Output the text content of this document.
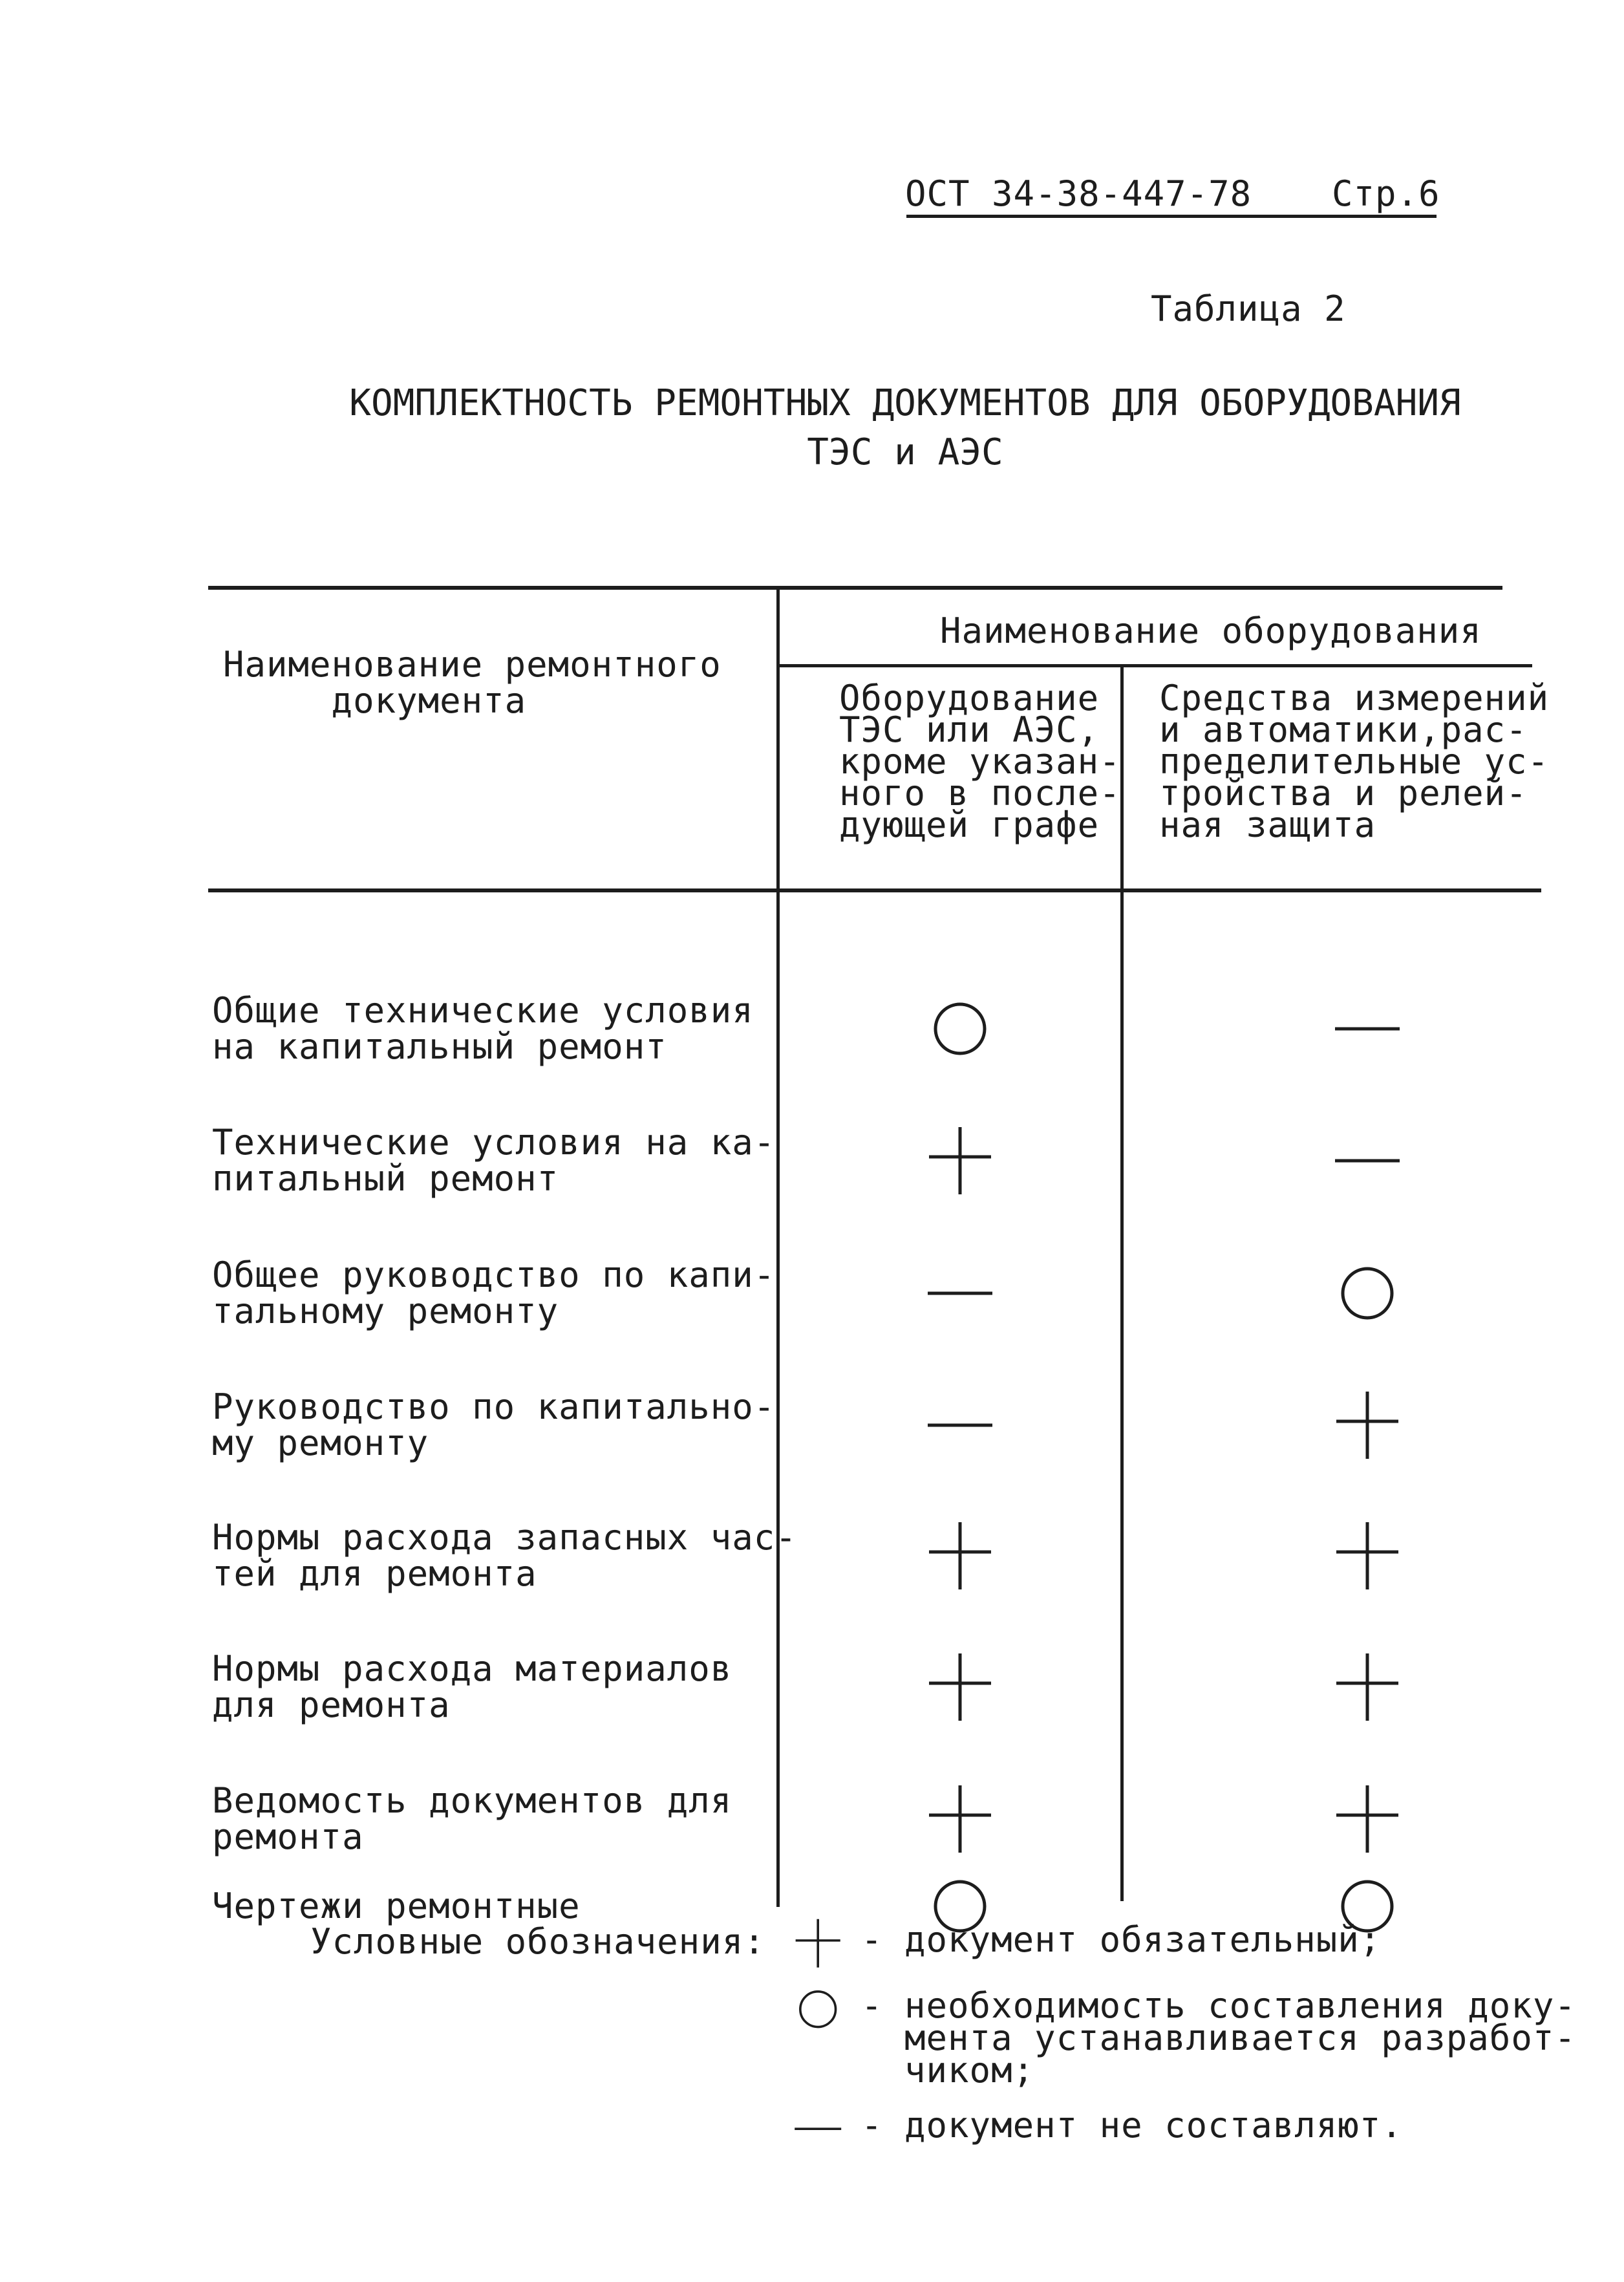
ОСТ 34-38-447-78 Стр.6
Таблица 2
КОМПЛЕКТНОСТЬ РЕМОНТНЫХ ДОКУМЕНТОВ ДЛЯ ОБОРУДОВАНИЯ
ТЭС и АЭС
Наименование ремонтного
документа
Наименование оборудования
Оборудование
ТЭС или АЭС,
кроме указан-
ного в после-
дующей графе
Средства измерений
и автоматики,рас-
пределительные ус-
тройства и релей-
ная защита
Общие технические условия
на капитальный ремонт
Технические условия на ка-
питальный ремонт
Общее руководство по капи-
тальному ремонту
Руководство по капитально-
му ремонту
Нормы расхода запасных час-
тей для ремонта
Нормы расхода материалов
для ремонта
Ведомость документов для
ремонта
Чертежи ремонтные
Условные обозначения:	- документ обязательный;
- необходимость составления доку-
мента устанавливается разработ-
чиком;
- документ не составляют.
